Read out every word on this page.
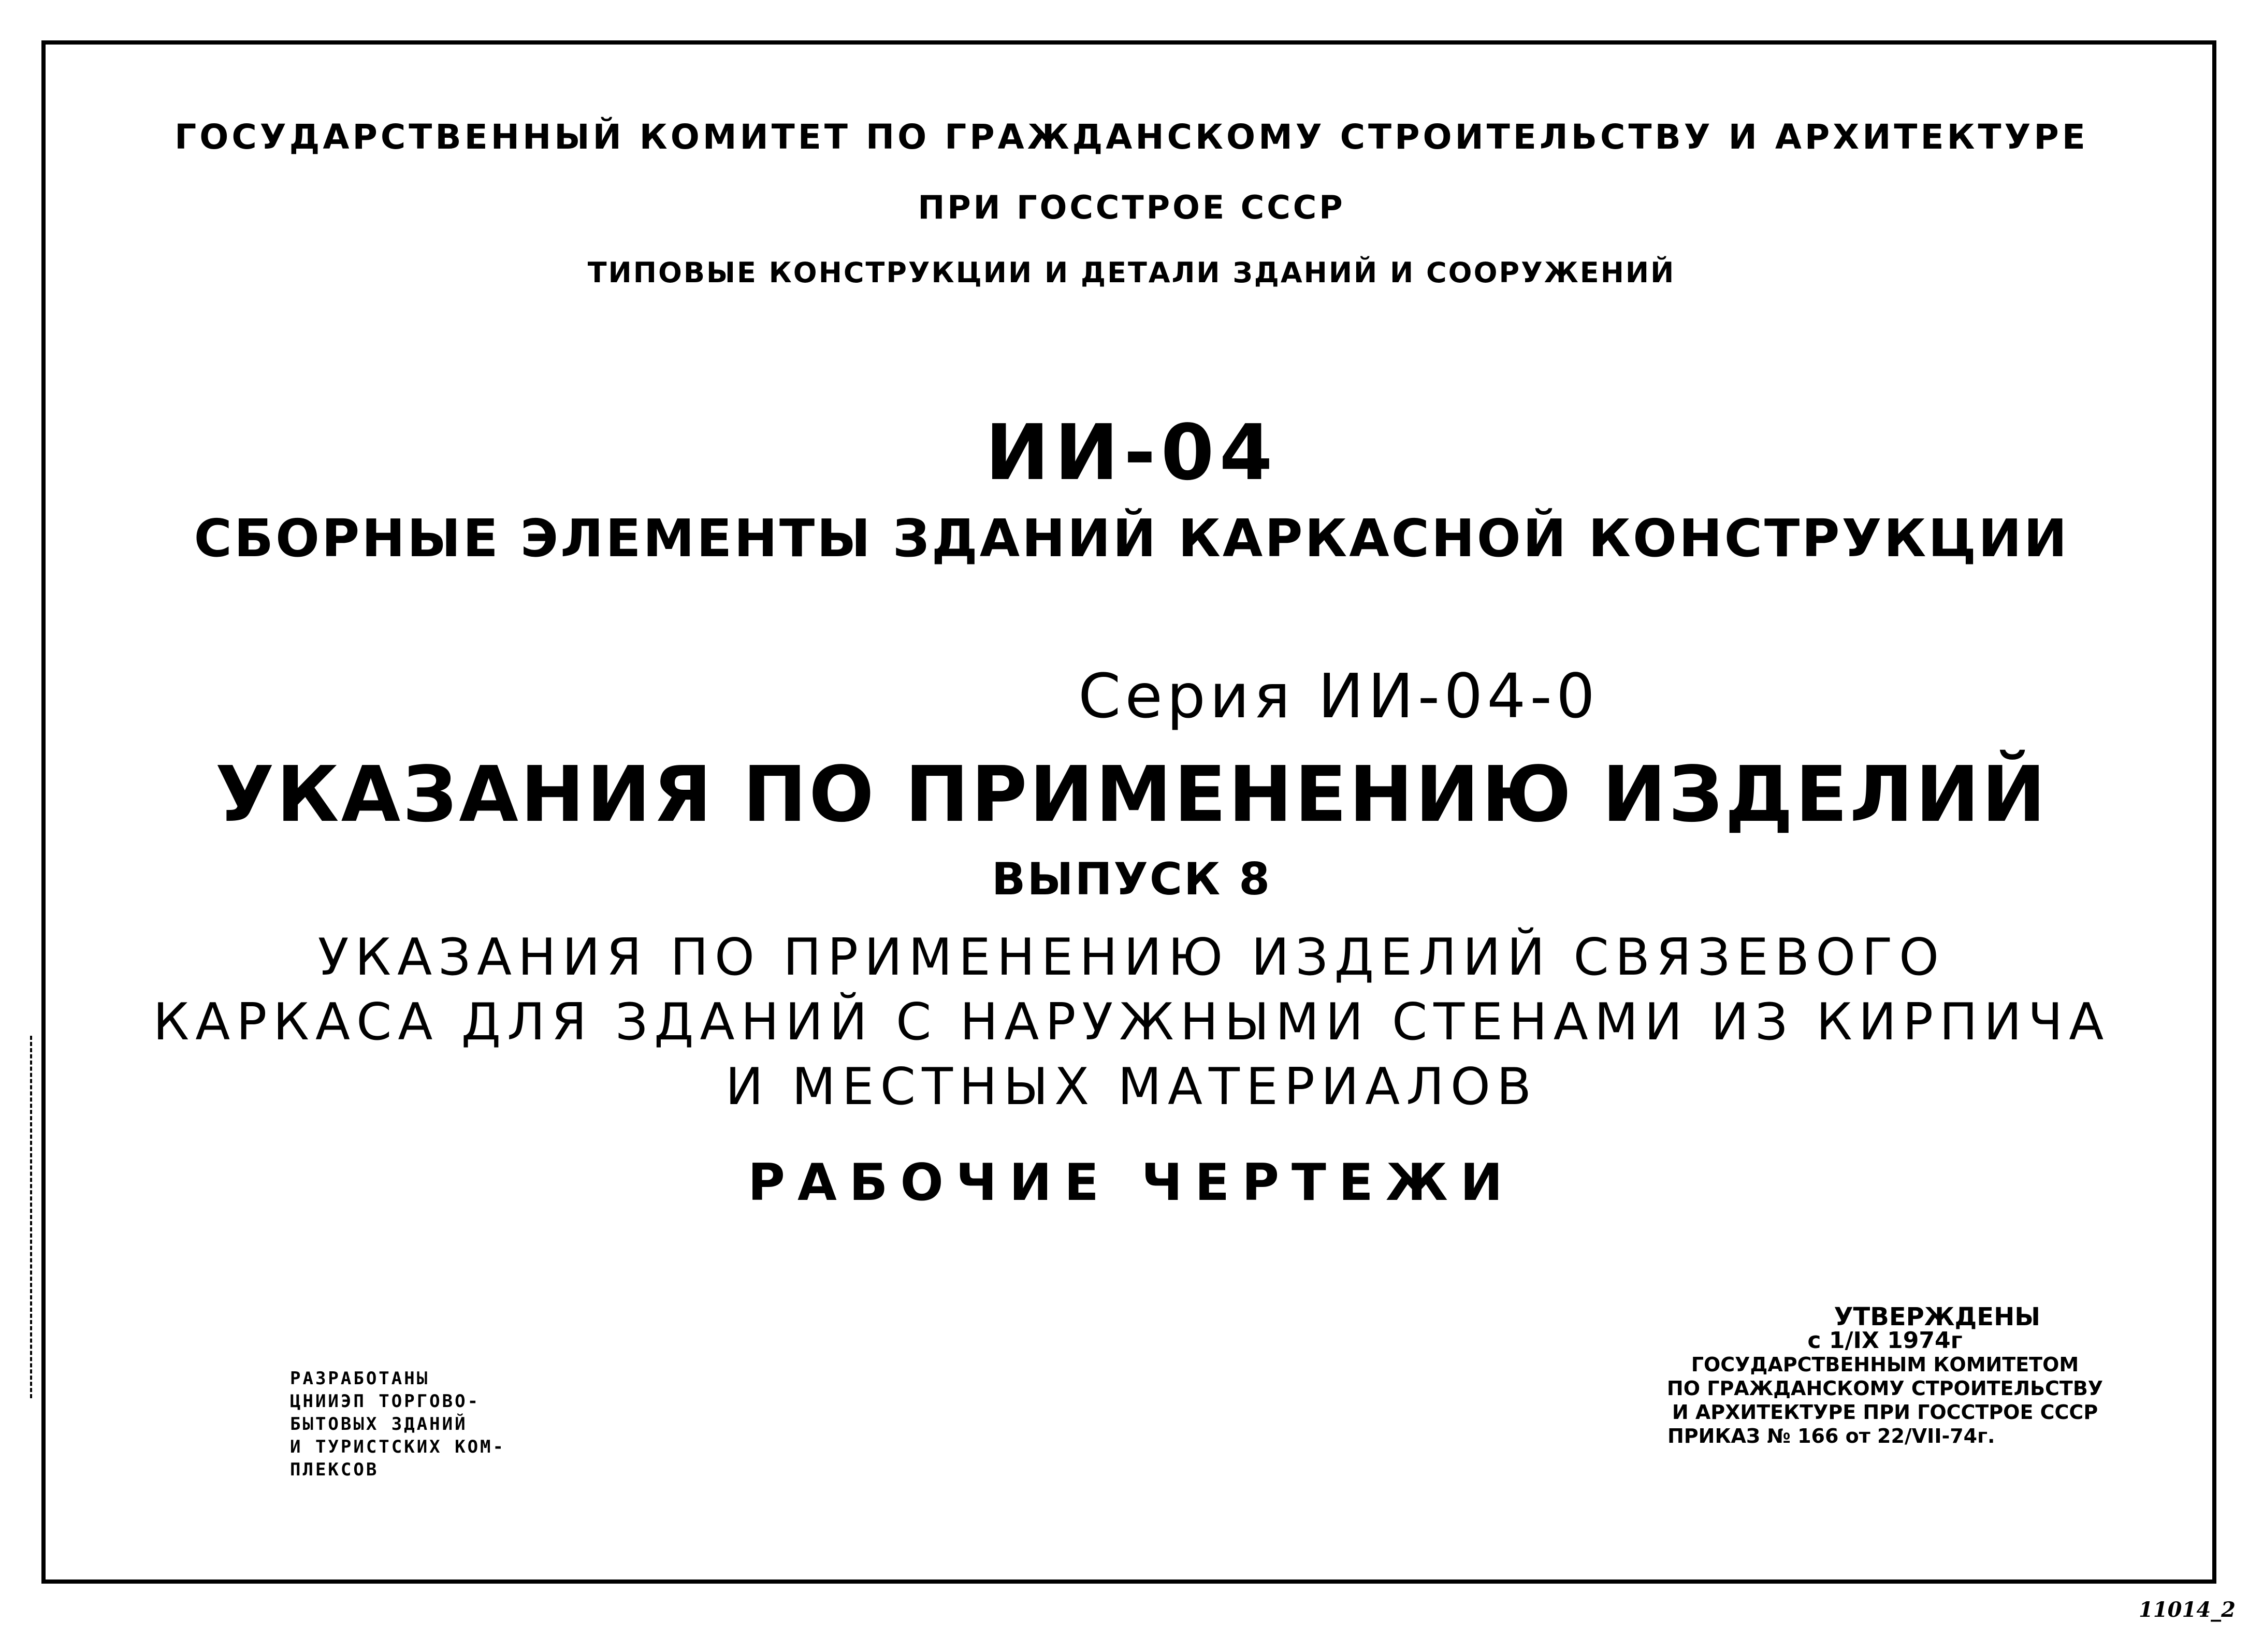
ГОСУДАРСТВЕННЫЙ КОМИТЕТ ПО ГРАЖДАНСКОМУ СТРОИТЕЛЬСТВУ И АРХИТЕКТУРЕ
ПРИ ГОССТРОЕ СССР
ТИПОВЫЕ КОНСТРУКЦИИ И ДЕТАЛИ ЗДАНИЙ И СООРУЖЕНИЙ
ИИ-04
СБОРНЫЕ ЭЛЕМЕНТЫ ЗДАНИЙ КАРКАСНОЙ КОНСТРУКЦИИ
Серия ИИ-04-0
УКАЗАНИЯ ПО ПРИМЕНЕНИЮ ИЗДЕЛИЙ
ВЫПУСК 8
УКАЗАНИЯ ПО ПРИМЕНЕНИЮ ИЗДЕЛИЙ СВЯЗЕВОГО
КАРКАСА ДЛЯ ЗДАНИЙ С НАРУЖНЫМИ СТЕНАМИ ИЗ КИРПИЧА
И МЕСТНЫХ МАТЕРИАЛОВ
РАБОЧИЕ ЧЕРТЕЖИ
РАЗРАБОТАНЫ
ЦНИИЭП ТОРГОВО-
БЫТОВЫХ ЗДАНИЙ
И ТУРИСТСКИХ КОМ-
ПЛЕКСОВ
УТВЕРЖДЕНЫ
с 1/IX 1974г
ГОСУДАРСТВЕННЫМ КОМИТЕТОМ
ПО ГРАЖДАНСКОМУ СТРОИТЕЛЬСТВУ
И АРХИТЕКТУРЕ ПРИ ГОССТРОЕ СССР
ПРИКАЗ № 166 от 22/VII-74г.
11014_2
